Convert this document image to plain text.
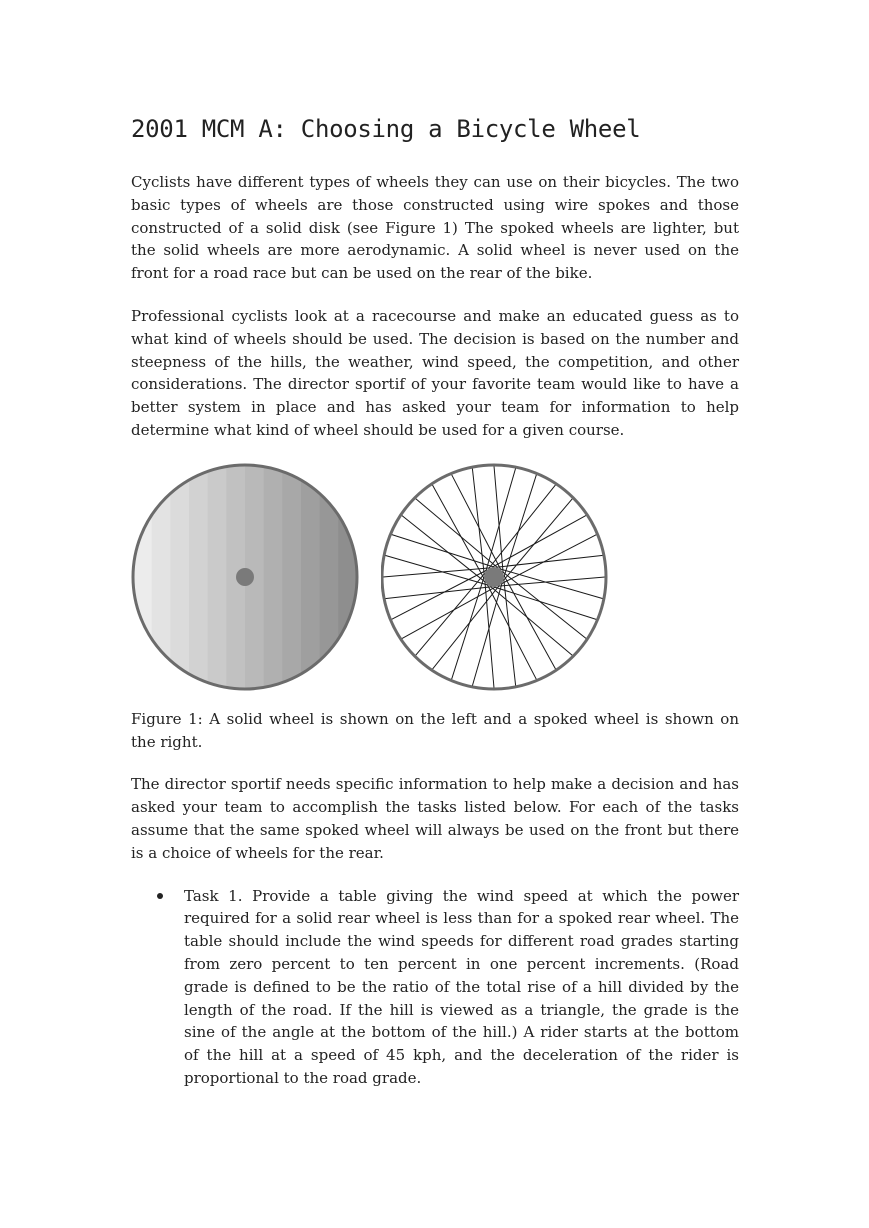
2001 MCM A: Choosing a Bicycle Wheel

Cyclists have different types of wheels they can use on their bicycles. The two basic types of wheels are those constructed using wire spokes and those constructed of a solid disk (see Figure 1) The spoked wheels are lighter, but the solid wheels are more aerodynamic. A solid wheel is never used on the front for a road race but can be used on the rear of the bike.

Professional cyclists look at a racecourse and make an educated guess as to what kind of wheels should be used. The decision is based on the number and steepness of the hills, the weather, wind speed, the competition, and other considerations. The director sportif of your favorite team would like to have a better system in place and has asked your team for information to help determine what kind of wheel should be used for a given course.

Figure 1: A solid wheel is shown on the left and a spoked wheel is shown on the right.

The director sportif needs specific information to help make a decision and has asked your team to accomplish the tasks listed below. For each of the tasks assume that the same spoked wheel will always be used on the front but there is a choice of wheels for the rear.

Task 1. Provide a table giving the wind speed at which the power required for a solid rear wheel is less than for a spoked rear wheel. The table should include the wind speeds for different road grades starting from zero percent to ten percent in one percent increments. (Road grade is defined to be the ratio of the total rise of a hill divided by the length of the road. If the hill is viewed as a triangle, the grade is the sine of the angle at the bottom of the hill.) A rider starts at the bottom of the hill at a speed of 45 kph, and the deceleration of the rider is proportional to the road grade.
